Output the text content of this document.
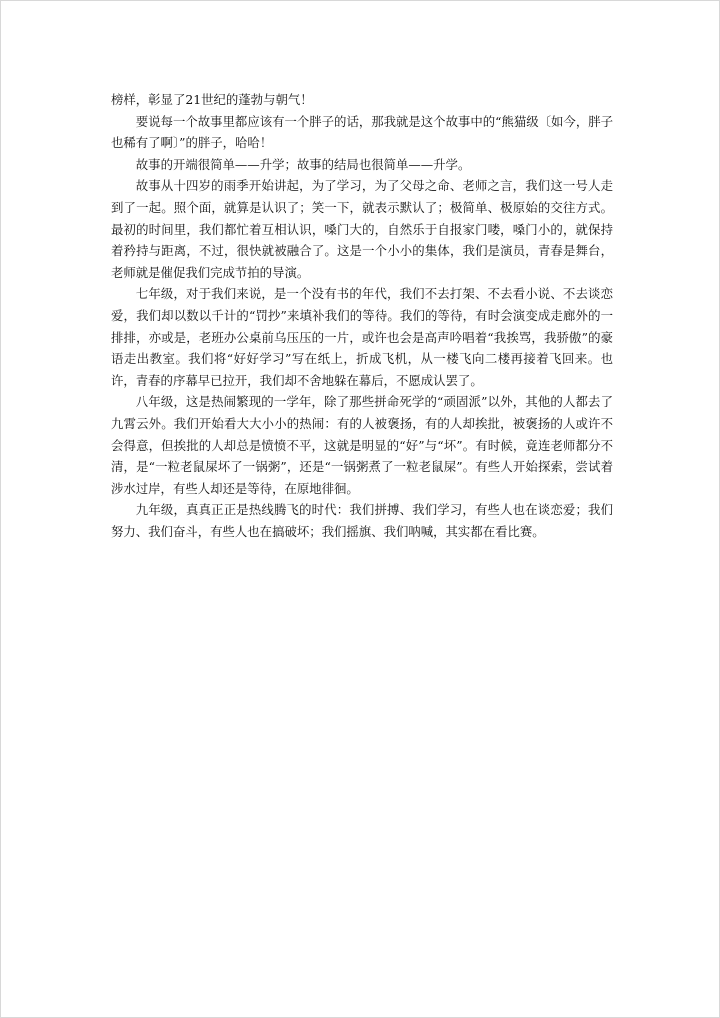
榜样，彰显了21世纪的蓬勃与朝气！

要说每一个故事里都应该有一个胖子的话，那我就是这个故事中的“熊猫级〔如今，胖子也稀有了啊〕”的胖子，哈哈！

故事的开端很简单——升学；故事的结局也很简单——升学。

故事从十四岁的雨季开始讲起，为了学习，为了父母之命、老师之言，我们这一号人走到了一起。照个面，就算是认识了；笑一下，就表示默认了；极简单、极原始的交往方式。最初的时间里，我们都忙着互相认识，嗓门大的，自然乐于自报家门喽，嗓门小的，就保持着矜持与距离，不过，很快就被融合了。这是一个小小的集体，我们是演员，青春是舞台，老师就是催促我们完成节拍的导演。

七年级，对于我们来说，是一个没有书的年代，我们不去打架、不去看小说、不去谈恋爱，我们却以数以千计的“罚抄”来填补我们的等待。我们的等待，有时会演变成走廊外的一排排，亦或是，老班办公桌前乌压压的一片，或许也会是高声吟唱着“我挨骂，我骄傲”的豪语走出教室。我们将“好好学习”写在纸上，折成飞机，从一楼飞向二楼再接着飞回来。也许，青春的序幕早已拉开，我们却不舍地躲在幕后，不愿成认罢了。

八年级，这是热闹繁现的一学年，除了那些拼命死学的“顽固派”以外，其他的人都去了九霄云外。我们开始看大大小小的热闹：有的人被褒扬，有的人却挨批，被褒扬的人或许不会得意，但挨批的人却总是愤愤不平，这就是明显的“好”与“坏”。有时候，竟连老师都分不清，是“一粒老鼠屎坏了一锅粥”，还是“一锅粥煮了一粒老鼠屎”。有些人开始探索，尝试着涉水过岸，有些人却还是等待，在原地徘徊。

九年级，真真正正是热线腾飞的时代：我们拼搏、我们学习，有些人也在谈恋爱；我们努力、我们奋斗，有些人也在搞破坏；我们摇旗、我们呐喊，其实都在看比赛。
